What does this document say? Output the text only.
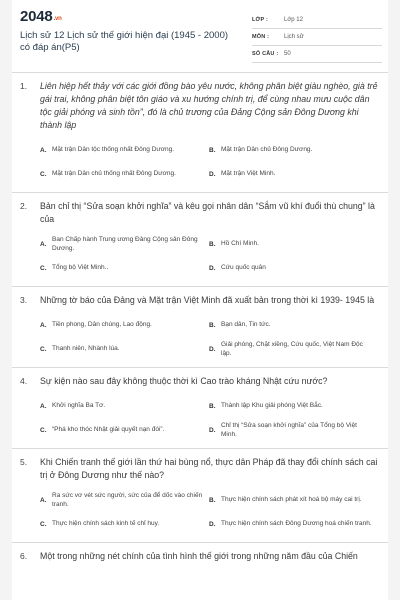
2048.vn
Lịch sử 12 Lịch sử thế giới hiện đại (1945 - 2000) có đáp án(P5)
LỚP :	Lớp 12
MÔN :	Lịch sử
SỐ CÂU : 50
1.	Liên hiệp hết thảy với các giới đồng bào yêu nước, không phân biệt giàu nghèo, già trẻ gái trai, không phân biệt tôn giáo và xu hướng chính trị, để cùng nhau mưu cuộc dân tộc giải phóng và sinh tồn”, đó là chủ trương của Đảng Cộng sản Đông Dương khi thành lập
A. Mặt trận Dân tộc thống nhất Đông Dương.	B. Mặt trận Dân chủ Đông Dương.
C. Mặt trận Dân chủ thống nhất Đông Dương.	D. Mặt trận Việt Minh.
2.	Bản chỉ thị “Sửa soạn khởi nghĩa” và kêu gọi nhân dân “Sắm vũ khí đuổi thù chung” là của
A.
Ban Chấp hành Trung ương Đảng Cộng sản Đông Dương.
B. Hồ Chí Minh.
C. Tổng bộ Việt Minh..	D. Cứu quốc quân
3.	Những tờ báo của Đảng và Mặt trận Việt Minh đã xuất bản trong thời kì 1939- 1945 là
A. Tiền phong, Dân chúng, Lao động.	B. Bạn dân, Tin tức.
C. Thanh niên, Nhành lúa.	D.
Giải phóng, Chặt xiềng, Cứu quốc, Việt Nam Độc lập.
4.	Sự kiện nào sau đây không thuộc thời kì Cao trào kháng Nhật cứu nước?
A. Khởi nghĩa Ba Tơ.	B. Thành lập Khu giải phóng Việt Bắc.
C. “Phá kho thóc Nhật giải quyết nạn đói”.	D.
Chỉ thị “Sửa soạn khởi nghĩa” của Tổng bộ Việt Minh.
5.	Khi Chiến tranh thế giới lần thứ hai bùng nổ, thực dân Pháp đã thay đổi chính sách cai trị ở Đông Dương như thế nào?
A.
Ra sức vơ vét sức người, sức của để dốc vào chiến tranh.
B. Thực hiện chính sách phát xít hoá bộ máy cai trị.
C. Thực hiện chính sách kinh tế chỉ huy.	D. Thực hiện chính sách Đông Dương hoá chiến tranh.
6.	Một trong những nét chính của tình hình thế giới trong những năm đầu của Chiến
